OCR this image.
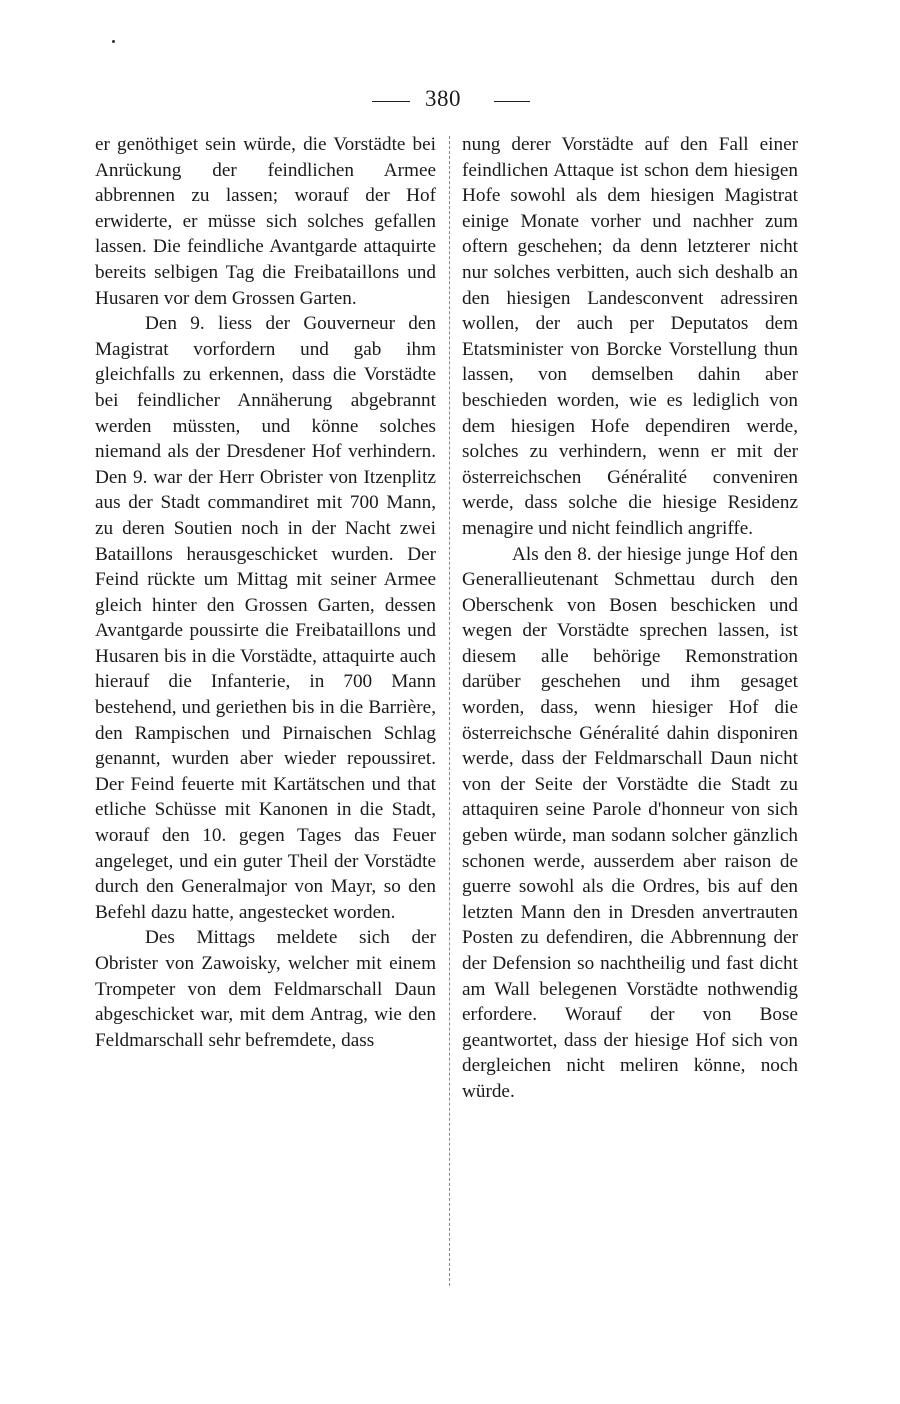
380

er genöthiget sein würde, die Vorstädte bei Anrückung der feindlichen Armee abbrennen zu lassen; worauf der Hof erwiderte, er müsse sich solches gefallen lassen. Die feindliche Avantgarde attaquirte bereits selbigen Tag die Freibataillons und Husaren vor dem Grossen Garten.

Den 9. liess der Gouverneur den Magistrat vorfordern und gab ihm gleichfalls zu erkennen, dass die Vorstädte bei feindlicher Annäherung abgebrannt werden müssten, und könne solches niemand als der Dresdener Hof verhindern. Den 9. war der Herr Obrister von Itzenplitz aus der Stadt commandiret mit 700 Mann, zu deren Soutien noch in der Nacht zwei Bataillons herausgeschicket wurden. Der Feind rückte um Mittag mit seiner Armee gleich hinter den Grossen Garten, dessen Avantgarde poussirte die Freibataillons und Husaren bis in die Vorstädte, attaquirte auch hierauf die Infanterie, in 700 Mann bestehend, und geriethen bis in die Barrière, den Rampischen und Pirnaischen Schlag genannt, wurden aber wieder repoussiret. Der Feind feuerte mit Kartätschen und that etliche Schüsse mit Kanonen in die Stadt, worauf den 10. gegen Tages das Feuer angeleget, und ein guter Theil der Vorstädte durch den Generalmajor von Mayr, so den Befehl dazu hatte, angestecket worden.

Des Mittags meldete sich der Obrister von Zawoisky, welcher mit einem Trompeter von dem Feldmarschall Daun abgeschicket war, mit dem Antrag, wie den Feldmarschall sehr befremdete, dass

nung derer Vorstädte auf den Fall einer feindlichen Attaque ist schon dem hiesigen Hofe sowohl als dem hiesigen Magistrat einige Monate vorher und nachher zum oftern geschehen; da denn letzterer nicht nur solches verbitten, auch sich deshalb an den hiesigen Landesconvent adressiren wollen, der auch per Deputatos dem Etatsminister von Borcke Vorstellung thun lassen, von demselben dahin aber beschieden worden, wie es lediglich von dem hiesigen Hofe dependiren werde, solches zu verhindern, wenn er mit der österreichschen Généralité conveniren werde, dass solche die hiesige Residenz menagire und nicht feindlich angriffe.

Als den 8. der hiesige junge Hof den Generallieutenant Schmettau durch den Oberschenk von Bosen beschicken und wegen der Vorstädte sprechen lassen, ist diesem alle behörige Remonstration darüber geschehen und ihm gesaget worden, dass, wenn hiesiger Hof die österreichsche Généralité dahin disponiren werde, dass der Feldmarschall Daun nicht von der Seite der Vorstädte die Stadt zu attaquiren seine Parole d'honneur von sich geben würde, man sodann solcher gänzlich schonen werde, ausserdem aber raison de guerre sowohl als die Ordres, bis auf den letzten Mann den in Dresden anvertrauten Posten zu defendiren, die Abbrennung der der Defension so nachtheilig und fast dicht am Wall belegenen Vorstädte nothwendig erfordere. Worauf der von Bose geantwortet, dass der hiesige Hof sich von dergleichen nicht meliren könne, noch würde.
